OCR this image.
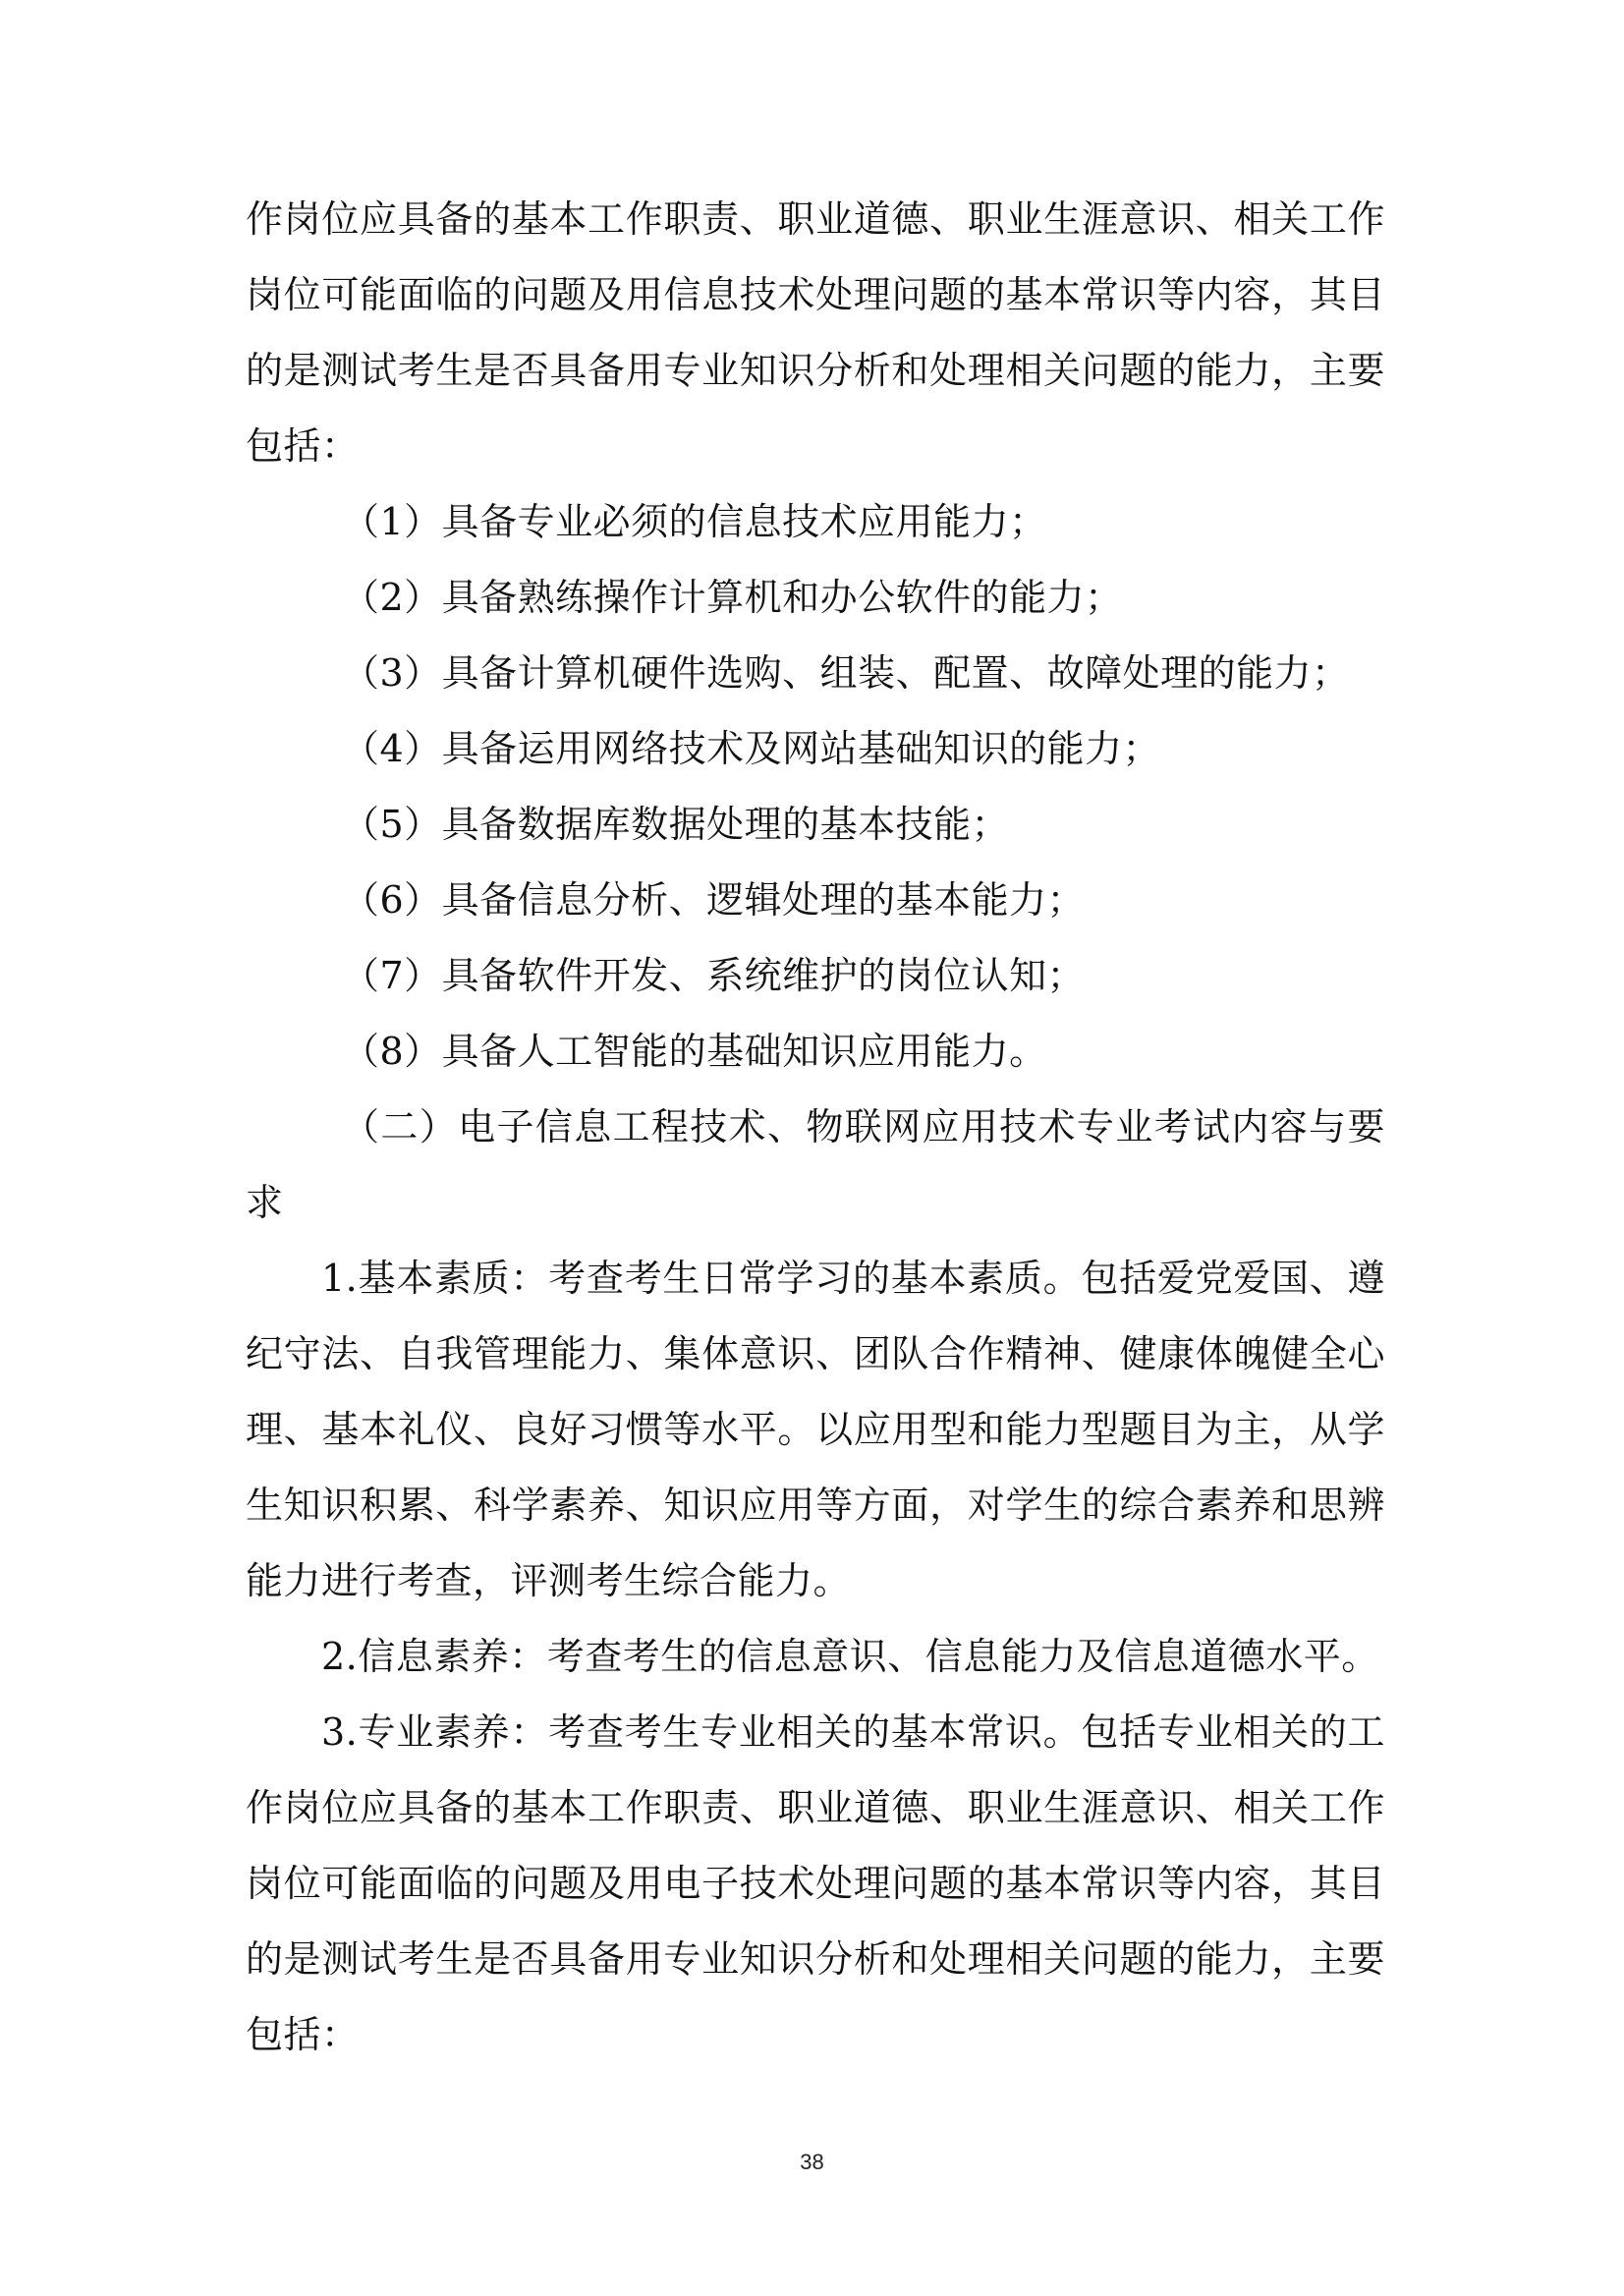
作岗位应具备的基本工作职责、职业道德、职业生涯意识、相关工作
岗位可能面临的问题及用信息技术处理问题的基本常识等内容，其目
的是测试考生是否具备用专业知识分析和处理相关问题的能力，主要
包括：
（1）具备专业必须的信息技术应用能力；
（2）具备熟练操作计算机和办公软件的能力；
（3）具备计算机硬件选购、组装、配置、故障处理的能力；
（4）具备运用网络技术及网站基础知识的能力；
（5）具备数据库数据处理的基本技能；
（6）具备信息分析、逻辑处理的基本能力；
（7）具备软件开发、系统维护的岗位认知；
（8）具备人工智能的基础知识应用能力。
（二）电子信息工程技术、物联网应用技术专业考试内容与要
求
1.基本素质：考查考生日常学习的基本素质。包括爱党爱国、遵
纪守法、自我管理能力、集体意识、团队合作精神、健康体魄健全心
理、基本礼仪、良好习惯等水平。以应用型和能力型题目为主，从学
生知识积累、科学素养、知识应用等方面，对学生的综合素养和思辨
能力进行考查，评测考生综合能力。
2.信息素养：考查考生的信息意识、信息能力及信息道德水平。
3.专业素养：考查考生专业相关的基本常识。包括专业相关的工
作岗位应具备的基本工作职责、职业道德、职业生涯意识、相关工作
岗位可能面临的问题及用电子技术处理问题的基本常识等内容，其目
的是测试考生是否具备用专业知识分析和处理相关问题的能力，主要
包括：
38
